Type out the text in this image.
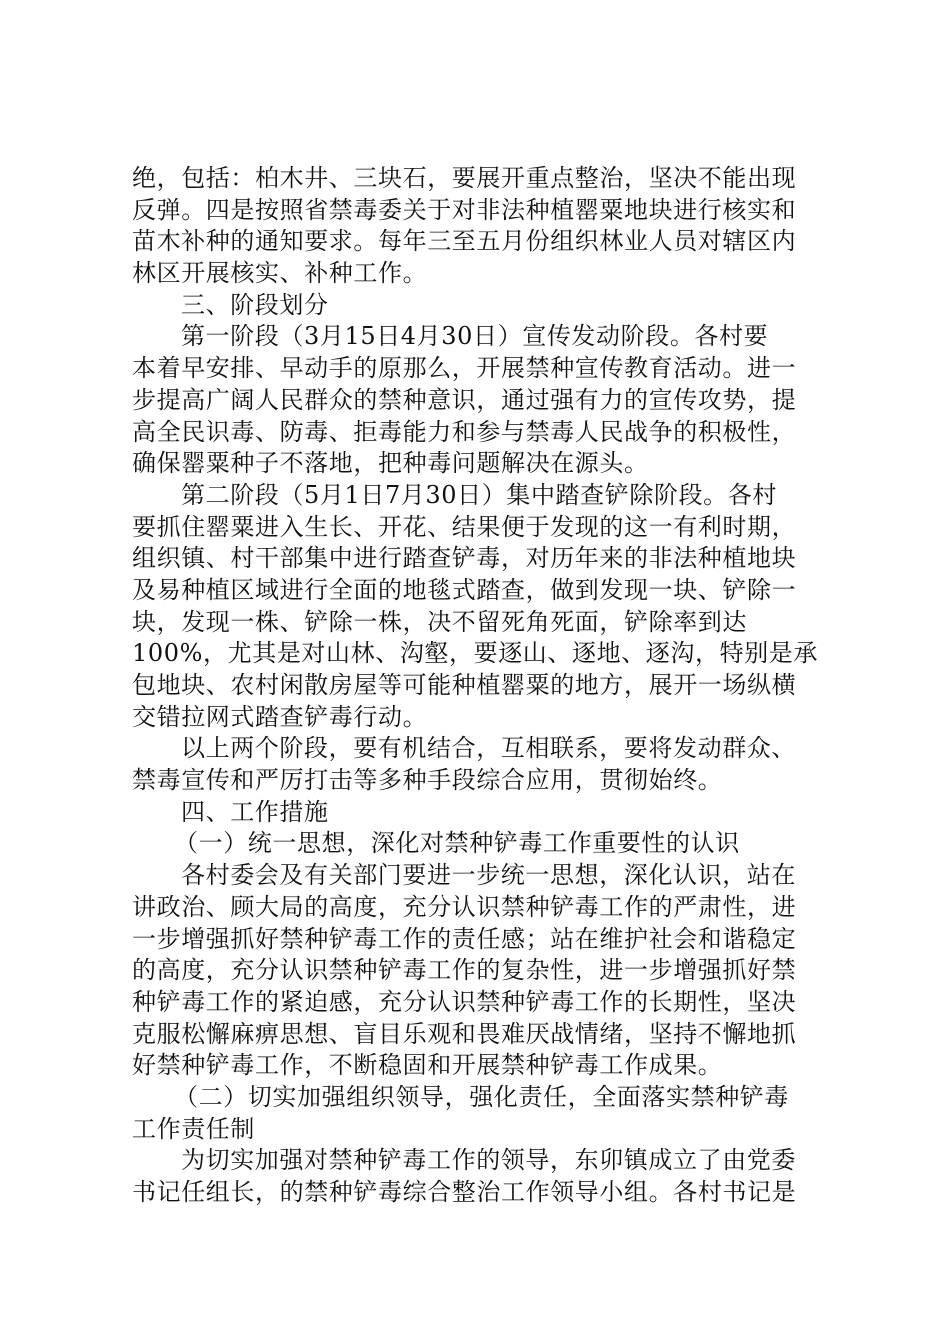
绝，包括：柏木井、三块石，要展开重点整治，坚决不能出现
反弹。四是按照省禁毒委关于对非法种植罂粟地块进行核实和
苗木补种的通知要求。每年三至五月份组织林业人员对辖区内
林区开展核实、补种工作。
三、阶段划分
第一阶段（3月15日4月30日）宣传发动阶段。各村要
本着早安排、早动手的原那么，开展禁种宣传教育活动。进一
步提高广阔人民群众的禁种意识，通过强有力的宣传攻势，提
高全民识毒、防毒、拒毒能力和参与禁毒人民战争的积极性，
确保罂粟种子不落地，把种毒问题解决在源头。
第二阶段（5月1日7月30日）集中踏查铲除阶段。各村
要抓住罂粟进入生长、开花、结果便于发现的这一有利时期，
组织镇、村干部集中进行踏查铲毒，对历年来的非法种植地块
及易种植区域进行全面的地毯式踏查，做到发现一块、铲除一
块，发现一株、铲除一株，决不留死角死面，铲除率到达
100%，尤其是对山林、沟壑，要逐山、逐地、逐沟，特别是承
包地块、农村闲散房屋等可能种植罂粟的地方，展开一场纵横
交错拉网式踏查铲毒行动。
以上两个阶段，要有机结合，互相联系，要将发动群众、
禁毒宣传和严厉打击等多种手段综合应用，贯彻始终。
四、工作措施
（一）统一思想，深化对禁种铲毒工作重要性的认识
各村委会及有关部门要进一步统一思想，深化认识，站在
讲政治、顾大局的高度，充分认识禁种铲毒工作的严肃性，进
一步增强抓好禁种铲毒工作的责任感；站在维护社会和谐稳定
的高度，充分认识禁种铲毒工作的复杂性，进一步增强抓好禁
种铲毒工作的紧迫感，充分认识禁种铲毒工作的长期性，坚决
克服松懈麻痹思想、盲目乐观和畏难厌战情绪，坚持不懈地抓
好禁种铲毒工作，不断稳固和开展禁种铲毒工作成果。
（二）切实加强组织领导，强化责任，全面落实禁种铲毒
工作责任制
为切实加强对禁种铲毒工作的领导，东卯镇成立了由党委
书记任组长，的禁种铲毒综合整治工作领导小组。各村书记是
